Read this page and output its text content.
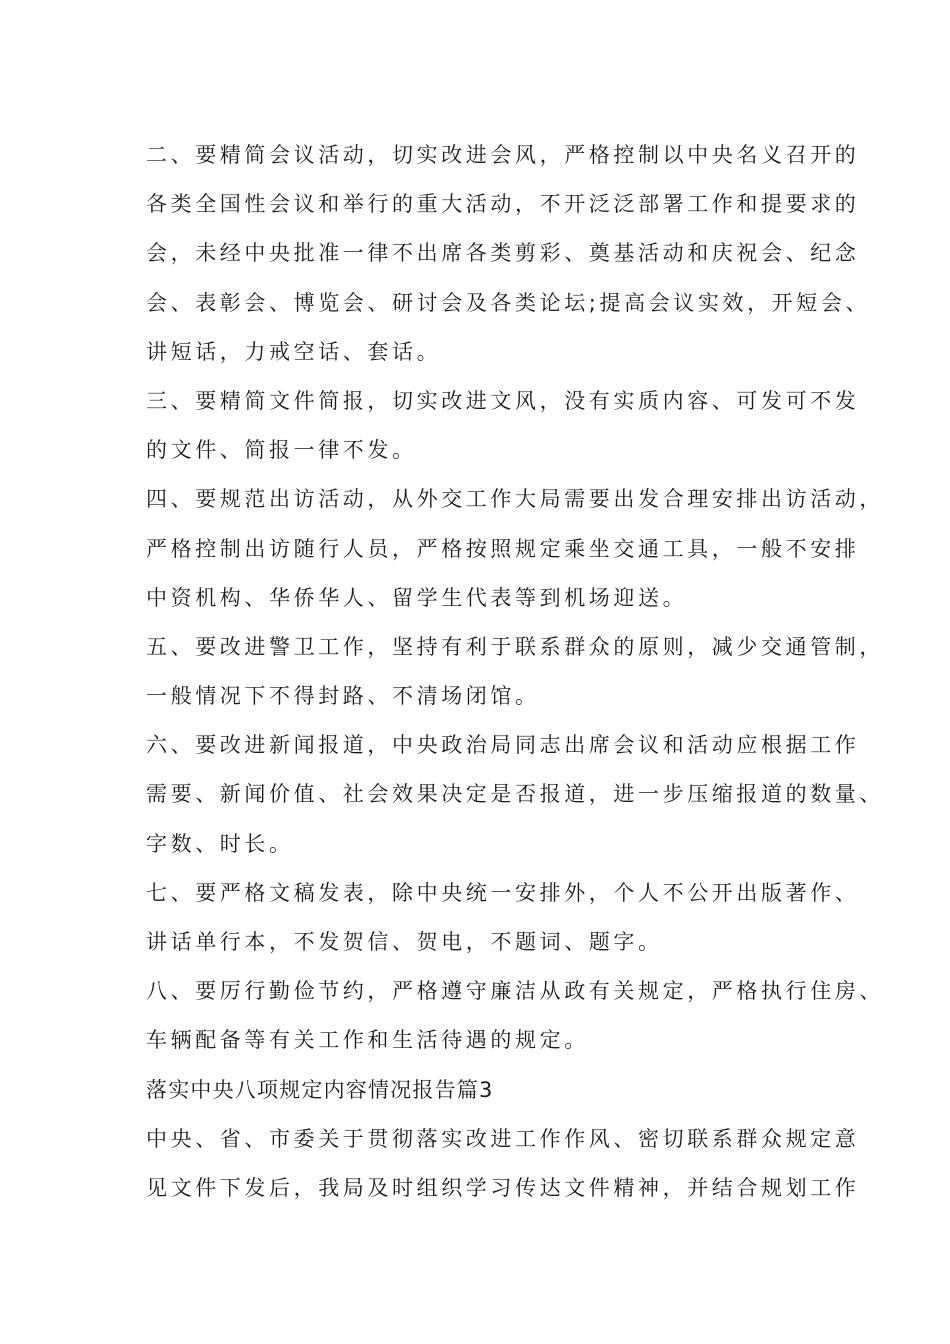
二、要精简会议活动，切实改进会风，严格控制以中央名义召开的
各类全国性会议和举行的重大活动，不开泛泛部署工作和提要求的
会，未经中央批准一律不出席各类剪彩、奠基活动和庆祝会、纪念
会、表彰会、博览会、研讨会及各类论坛;提高会议实效，开短会、
讲短话，力戒空话、套话。
三、要精简文件简报，切实改进文风，没有实质内容、可发可不发
的文件、简报一律不发。
四、要规范出访活动，从外交工作大局需要出发合理安排出访活动，
严格控制出访随行人员，严格按照规定乘坐交通工具，一般不安排
中资机构、华侨华人、留学生代表等到机场迎送。
五、要改进警卫工作，坚持有利于联系群众的原则，减少交通管制，
一般情况下不得封路、不清场闭馆。
六、要改进新闻报道，中央政治局同志出席会议和活动应根据工作
需要、新闻价值、社会效果决定是否报道，进一步压缩报道的数量、
字数、时长。
七、要严格文稿发表，除中央统一安排外，个人不公开出版著作、
讲话单行本，不发贺信、贺电，不题词、题字。
八、要厉行勤俭节约，严格遵守廉洁从政有关规定，严格执行住房、
车辆配备等有关工作和生活待遇的规定。
落实中央八项规定内容情况报告篇3
中央、省、市委关于贯彻落实改进工作作风、密切联系群众规定意
见文件下发后，我局及时组织学习传达文件精神，并结合规划工作
